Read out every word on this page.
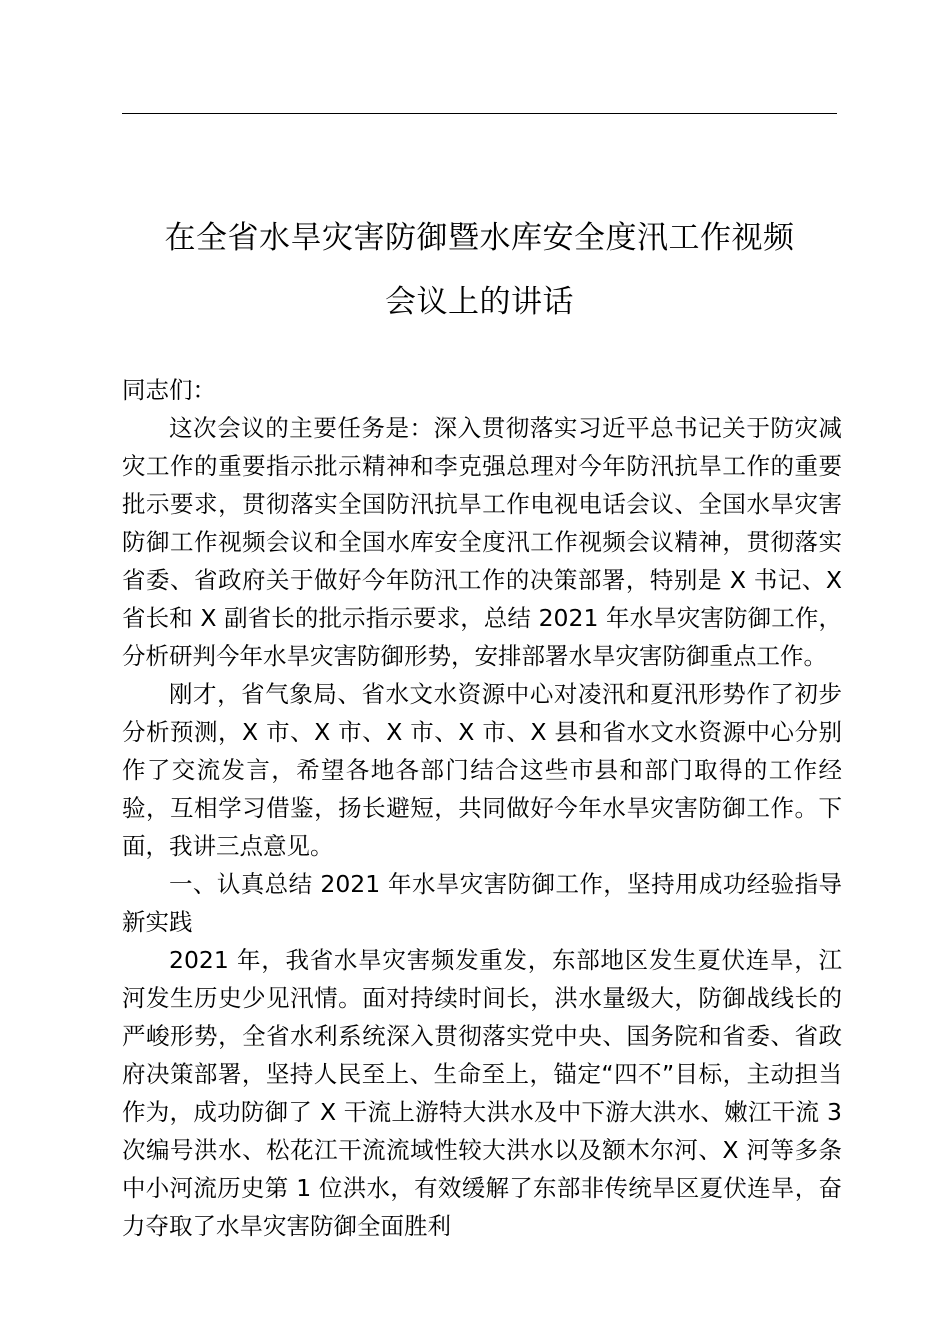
在全省水旱灾害防御暨水库安全度汛工作视频
会议上的讲话

同志们：

这次会议的主要任务是：深入贯彻落实习近平总书记关于防灾减灾工作的重要指示批示精神和李克强总理对今年防汛抗旱工作的重要批示要求，贯彻落实全国防汛抗旱工作电视电话会议、全国水旱灾害防御工作视频会议和全国水库安全度汛工作视频会议精神，贯彻落实省委、省政府关于做好今年防汛工作的决策部署，特别是 X 书记、X 省长和 X 副省长的批示指示要求，总结 2021 年水旱灾害防御工作，分析研判今年水旱灾害防御形势，安排部署水旱灾害防御重点工作。

刚才，省气象局、省水文水资源中心对凌汛和夏汛形势作了初步分析预测，X 市、X 市、X 市、X 市、X 县和省水文水资源中心分别作了交流发言，希望各地各部门结合这些市县和部门取得的工作经验，互相学习借鉴，扬长避短，共同做好今年水旱灾害防御工作。下面，我讲三点意见。

一、认真总结 2021 年水旱灾害防御工作，坚持用成功经验指导新实践

2021 年，我省水旱灾害频发重发，东部地区发生夏伏连旱，江河发生历史少见汛情。面对持续时间长，洪水量级大，防御战线长的严峻形势，全省水利系统深入贯彻落实党中央、国务院和省委、省政府决策部署，坚持人民至上、生命至上，锚定“四不”目标，主动担当作为，成功防御了 X 干流上游特大洪水及中下游大洪水、嫩江干流 3 次编号洪水、松花江干流流域性较大洪水以及额木尔河、X 河等多条中小河流历史第 1 位洪水，有效缓解了东部非传统旱区夏伏连旱，奋力夺取了水旱灾害防御全面胜利
